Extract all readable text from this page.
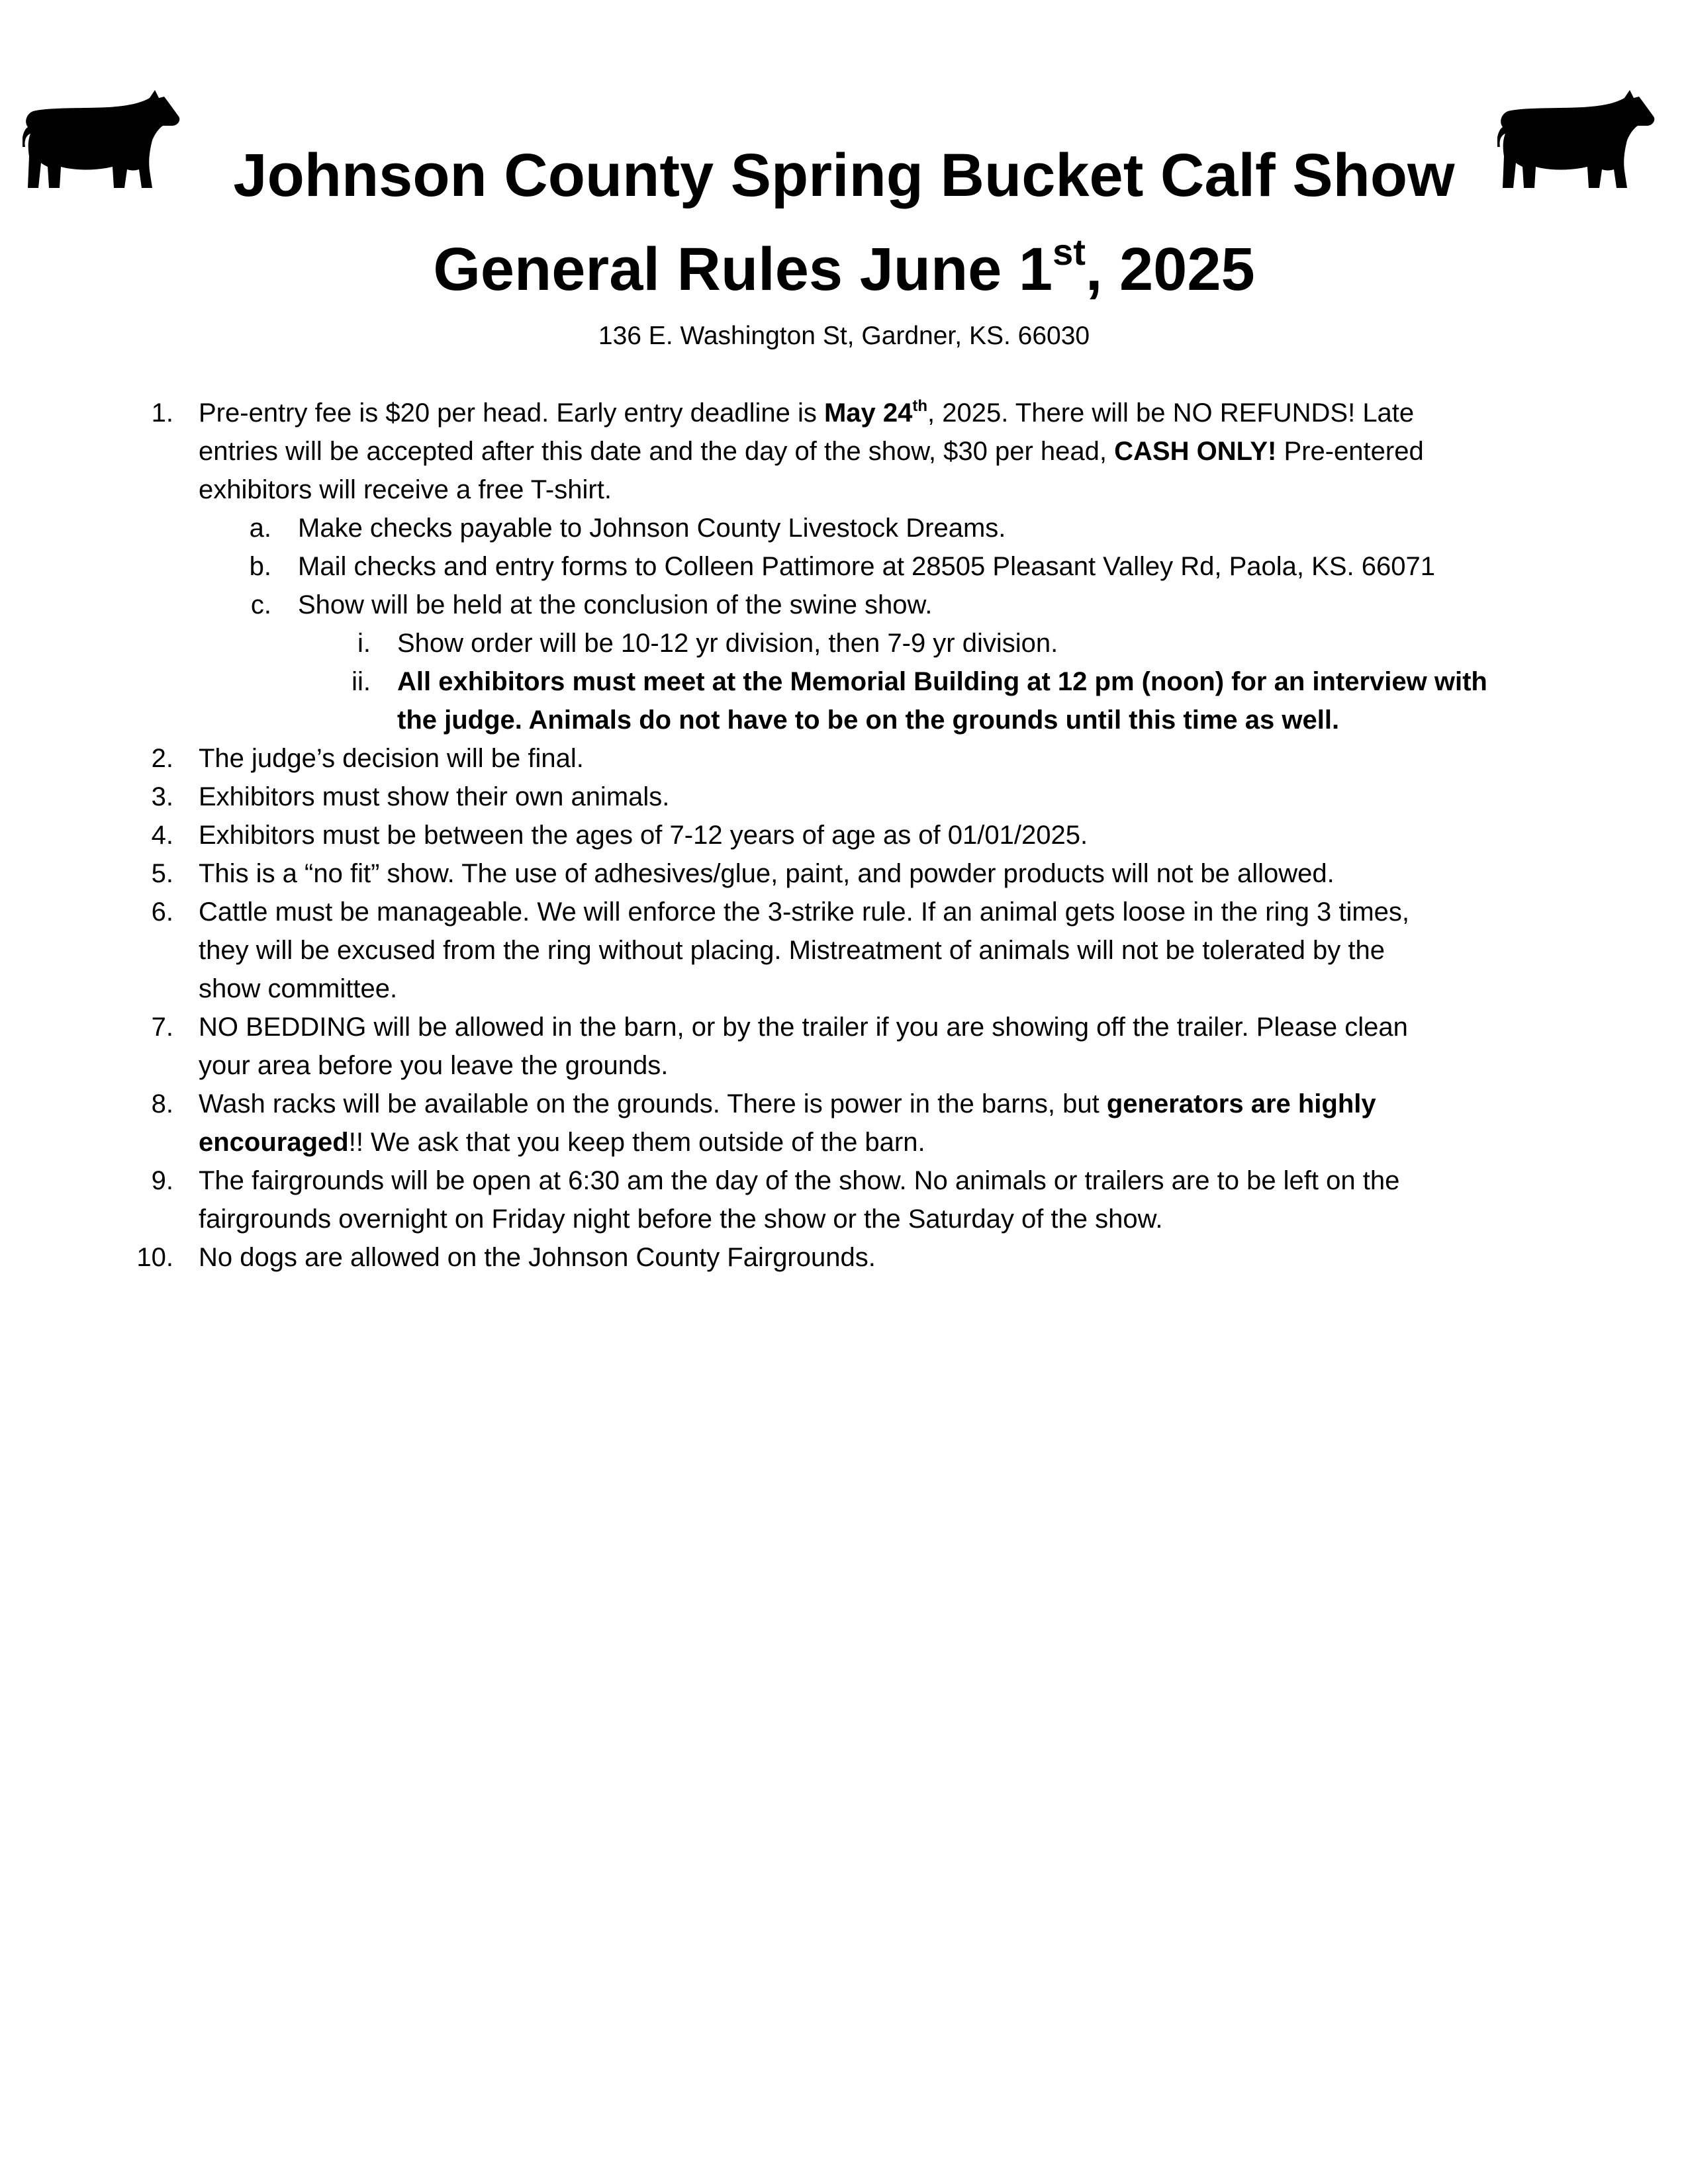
Johnson County Spring Bucket Calf Show
General Rules June 1st, 2025
136 E. Washington St, Gardner, KS. 66030
1. Pre-entry fee is $20 per head. Early entry deadline is May 24th, 2025. There will be NO REFUNDS! Late
entries will be accepted after this date and the day of the show, $30 per head, CASH ONLY! Pre-entered
exhibitors will receive a free T-shirt.
a. Make checks payable to Johnson County Livestock Dreams.
b. Mail checks and entry forms to Colleen Pattimore at 28505 Pleasant Valley Rd, Paola, KS. 66071
c. Show will be held at the conclusion of the swine show.
i. Show order will be 10-12 yr division, then 7-9 yr division.
ii. All exhibitors must meet at the Memorial Building at 12 pm (noon) for an interview with
the judge. Animals do not have to be on the grounds until this time as well.
2. The judge’s decision will be final.
3. Exhibitors must show their own animals.
4. Exhibitors must be between the ages of 7-12 years of age as of 01/01/2025.
5. This is a “no fit” show. The use of adhesives/glue, paint, and powder products will not be allowed.
6. Cattle must be manageable. We will enforce the 3-strike rule. If an animal gets loose in the ring 3 times,
they will be excused from the ring without placing. Mistreatment of animals will not be tolerated by the
show committee.
7. NO BEDDING will be allowed in the barn, or by the trailer if you are showing off the trailer. Please clean
your area before you leave the grounds.
8. Wash racks will be available on the grounds. There is power in the barns, but generators are highly
encouraged!! We ask that you keep them outside of the barn.
9. The fairgrounds will be open at 6:30 am the day of the show. No animals or trailers are to be left on the
fairgrounds overnight on Friday night before the show or the Saturday of the show.
10. No dogs are allowed on the Johnson County Fairgrounds.
